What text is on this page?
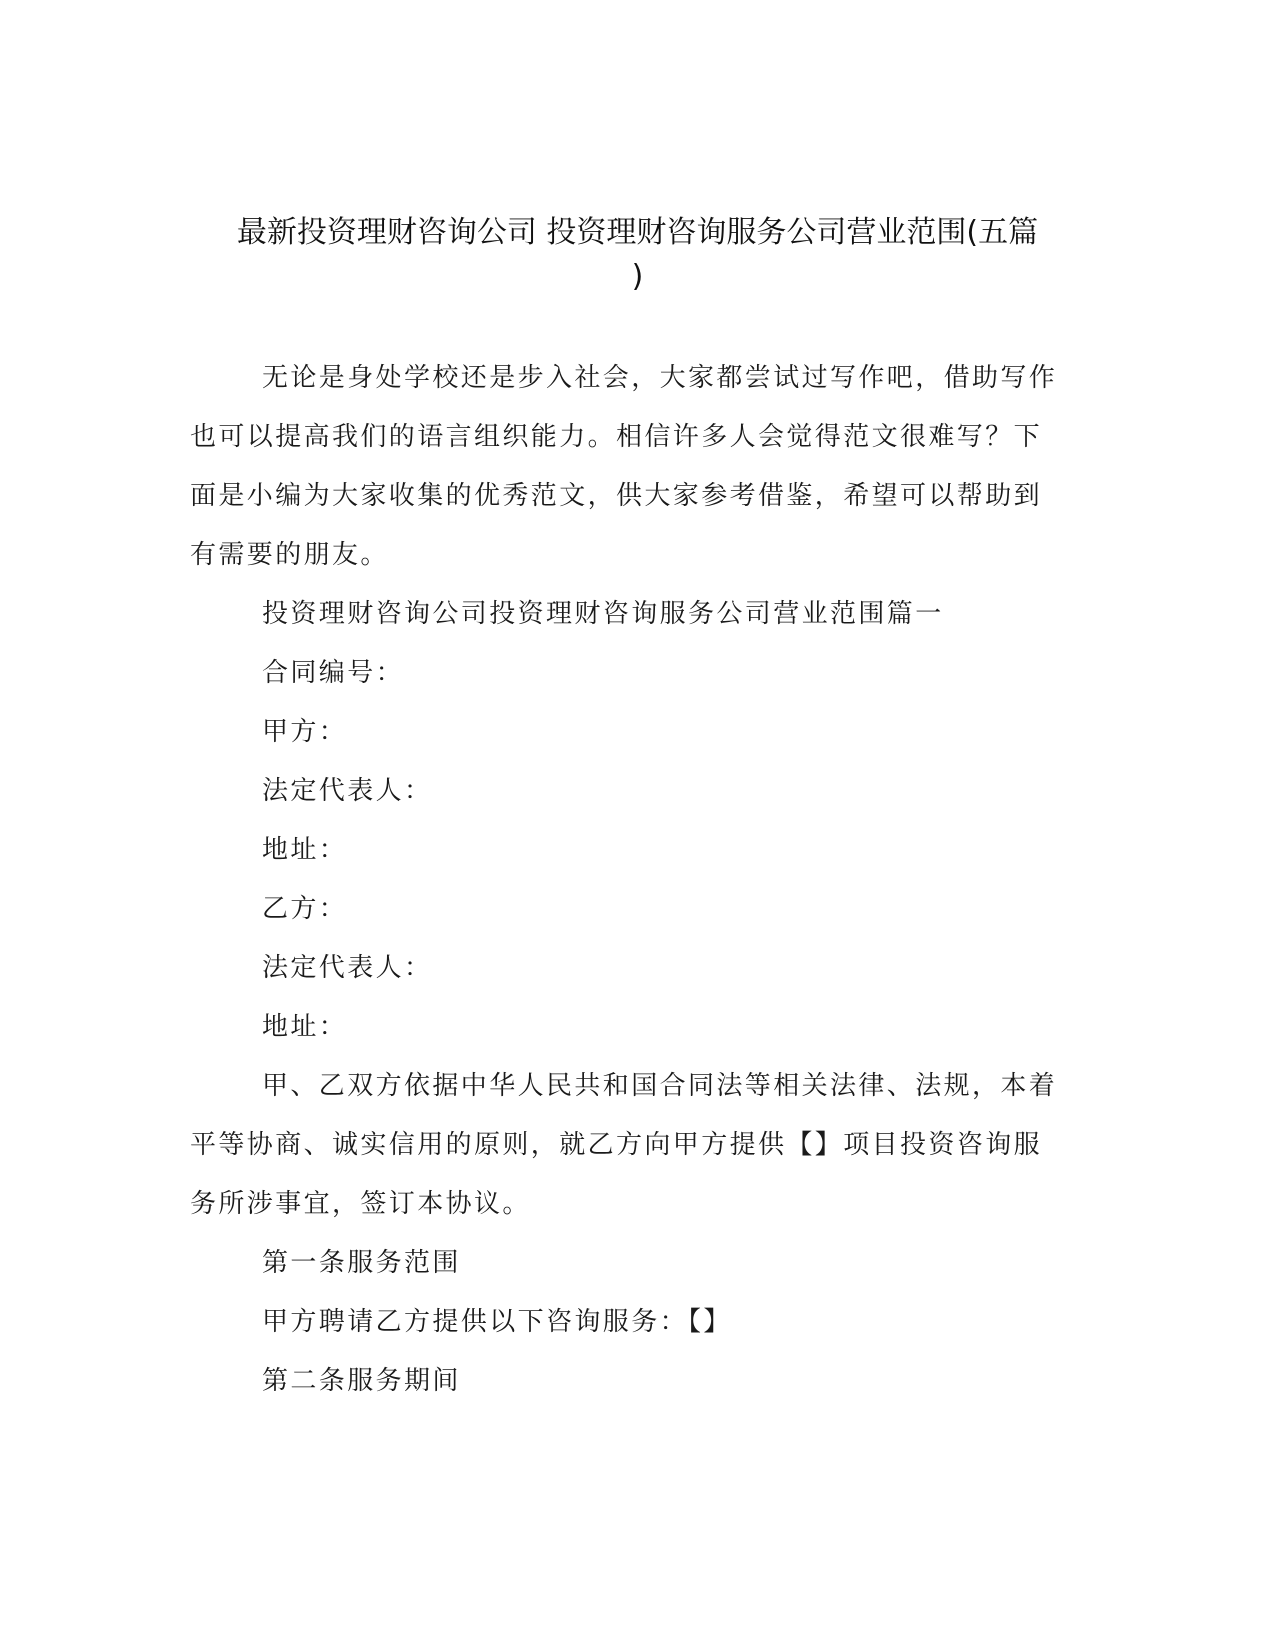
最新投资理财咨询公司 投资理财咨询服务公司营业范围(五篇
)
无论是身处学校还是步入社会，大家都尝试过写作吧，借助写作
也可以提高我们的语言组织能力。相信许多人会觉得范文很难写？下
面是小编为大家收集的优秀范文，供大家参考借鉴，希望可以帮助到
有需要的朋友。
投资理财咨询公司投资理财咨询服务公司营业范围篇一
合同编号：
甲方：
法定代表人：
地址：
乙方：
法定代表人：
地址：
甲、乙双方依据中华人民共和国合同法等相关法律、法规，本着
平等协商、诚实信用的原则，就乙方向甲方提供【】项目投资咨询服
务所涉事宜，签订本协议。
第一条服务范围
甲方聘请乙方提供以下咨询服务：【】
第二条服务期间
